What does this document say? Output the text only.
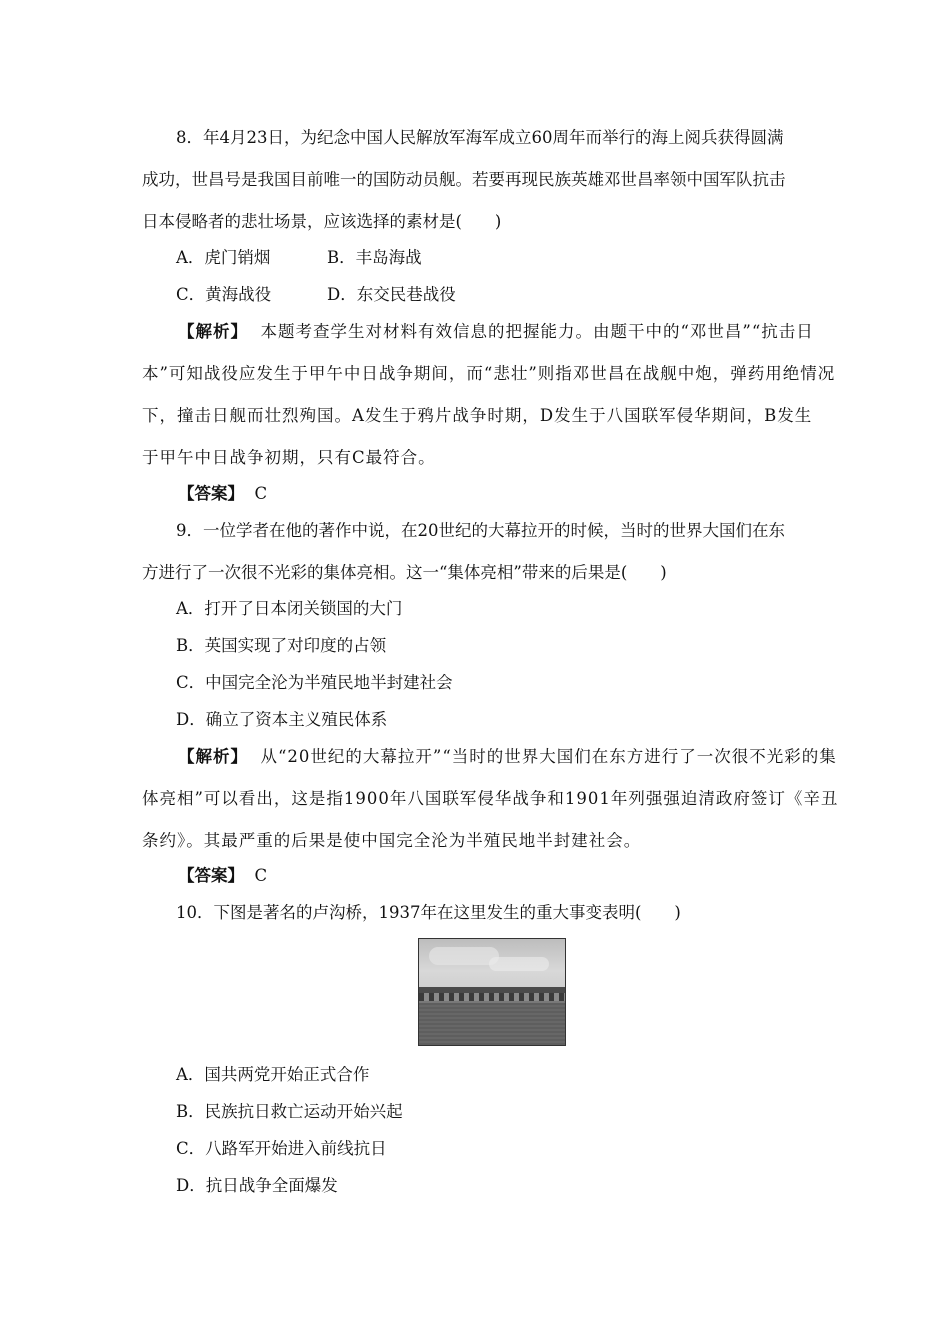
8．年4月23日，为纪念中国人民解放军海军成立60周年而举行的海上阅兵获得圆满
成功，世昌号是我国目前唯一的国防动员舰。若要再现民族英雄邓世昌率领中国军队抗击
日本侵略者的悲壮场景，应该选择的素材是(　　)
A．虎门销烟	B．丰岛海战
C．黄海战役	D．东交民巷战役
【解析】 本题考查学生对材料有效信息的把握能力。由题干中的“邓世昌”“抗击日
本”可知战役应发生于甲午中日战争期间，而“悲壮”则指邓世昌在战舰中炮，弹药用绝情况
下，撞击日舰而壮烈殉国。A发生于鸦片战争时期，D发生于八国联军侵华期间，B发生
于甲午中日战争初期，只有C最符合。
【答案】 C
9．一位学者在他的著作中说，在20世纪的大幕拉开的时候，当时的世界大国们在东
方进行了一次很不光彩的集体亮相。这一“集体亮相”带来的后果是(　　)
A．打开了日本闭关锁国的大门
B．英国实现了对印度的占领
C．中国完全沦为半殖民地半封建社会
D．确立了资本主义殖民体系
【解析】 从“20世纪的大幕拉开”“当时的世界大国们在东方进行了一次很不光彩的集
体亮相”可以看出，这是指1900年八国联军侵华战争和1901年列强强迫清政府签订《辛丑
条约》。其最严重的后果是使中国完全沦为半殖民地半封建社会。
【答案】 C
10．下图是著名的卢沟桥，1937年在这里发生的重大事变表明(　　)
A．国共两党开始正式合作
B．民族抗日救亡运动开始兴起
C．八路军开始进入前线抗日
D．抗日战争全面爆发
